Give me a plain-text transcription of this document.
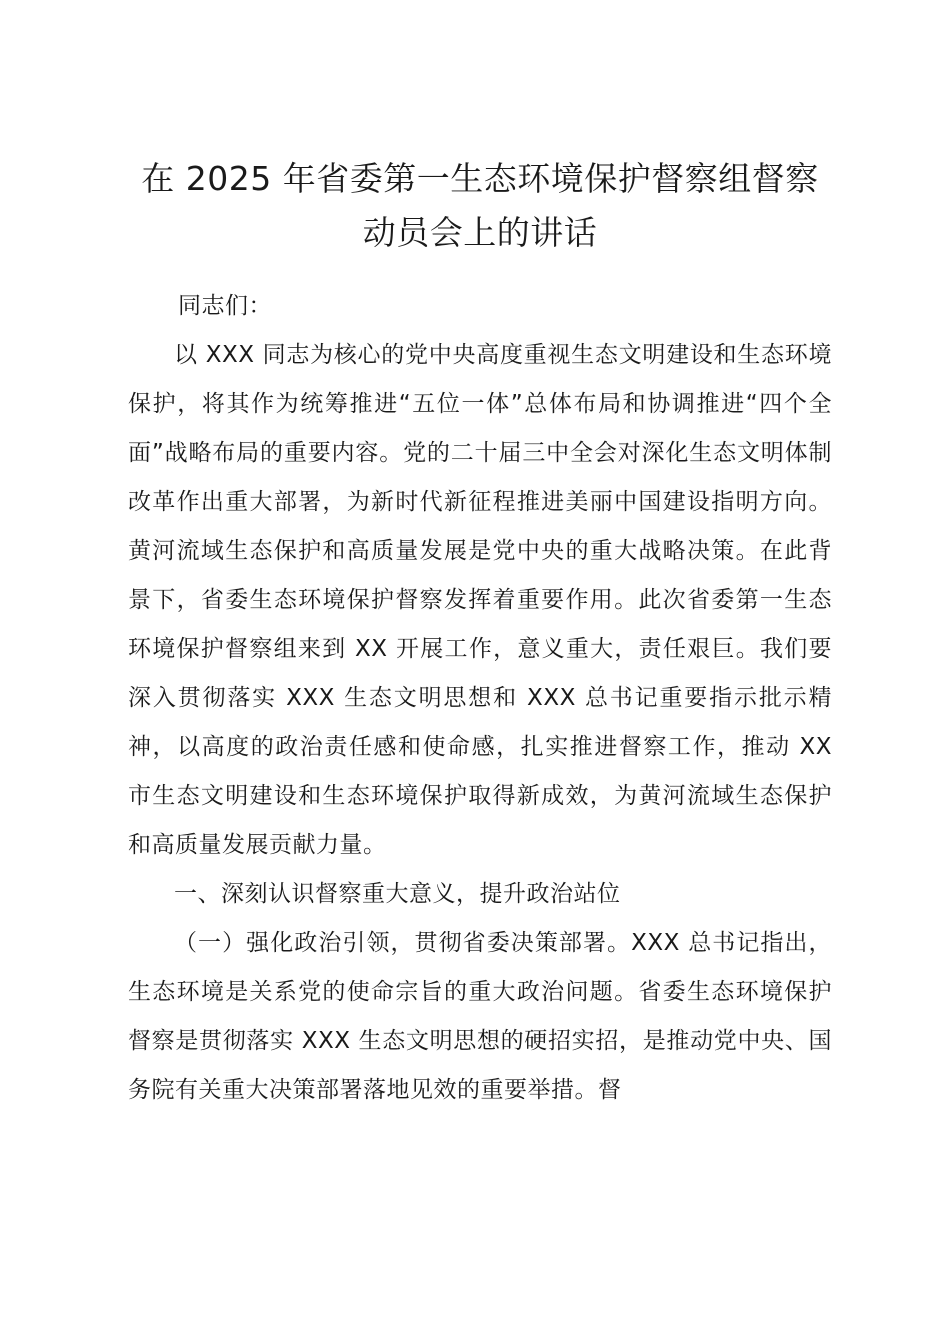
在 2025 年省委第一生态环境保护督察组督察
动员会上的讲话

同志们：

以 XXX 同志为核心的党中央高度重视生态文明建设和生态环境保护，将其作为统筹推进“五位一体”总体布局和协调推进“四个全面”战略布局的重要内容。党的二十届三中全会对深化生态文明体制改革作出重大部署，为新时代新征程推进美丽中国建设指明方向。黄河流域生态保护和高质量发展是党中央的重大战略决策。在此背景下，省委生态环境保护督察发挥着重要作用。此次省委第一生态环境保护督察组来到 XX 开展工作，意义重大，责任艰巨。我们要深入贯彻落实 XXX 生态文明思想和 XXX 总书记重要指示批示精神，以高度的政治责任感和使命感，扎实推进督察工作，推动 XX 市生态文明建设和生态环境保护取得新成效，为黄河流域生态保护和高质量发展贡献力量。

一、深刻认识督察重大意义，提升政治站位

（一）强化政治引领，贯彻省委决策部署。XXX 总书记指出，生态环境是关系党的使命宗旨的重大政治问题。省委生态环境保护督察是贯彻落实 XXX 生态文明思想的硬招实招，是推动党中央、国务院有关重大决策部署落地见效的重要举措。督
